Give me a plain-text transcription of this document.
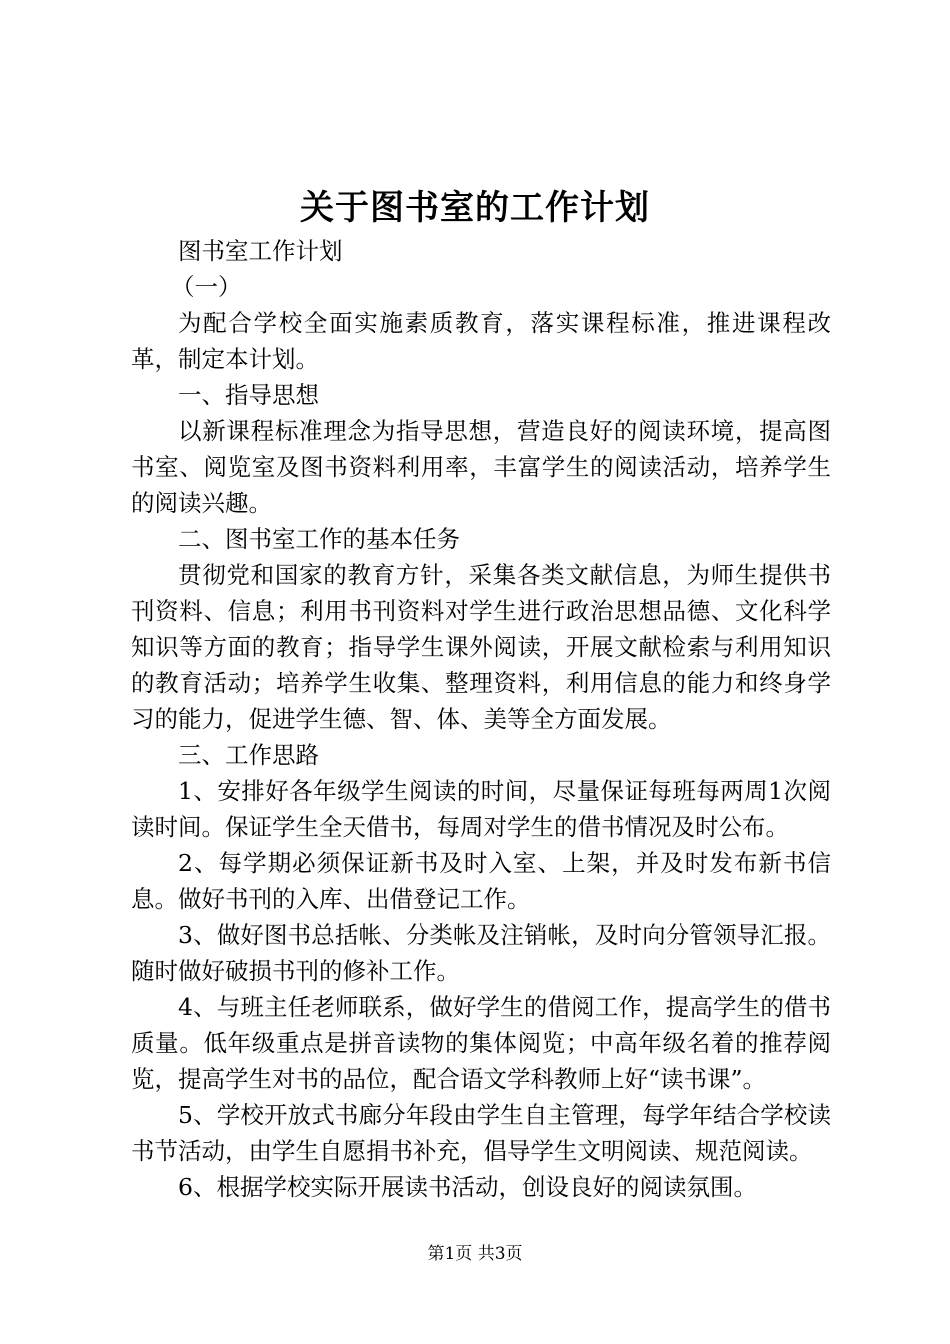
关于图书室的工作计划

图书室工作计划

（一）

为配合学校全面实施素质教育，落实课程标准，推进课程改革，制定本计划。

一、指导思想

以新课程标准理念为指导思想，营造良好的阅读环境，提高图书室、阅览室及图书资料利用率，丰富学生的阅读活动，培养学生的阅读兴趣。

二、图书室工作的基本任务

贯彻党和国家的教育方针，采集各类文献信息，为师生提供书刊资料、信息；利用书刊资料对学生进行政治思想品德、文化科学知识等方面的教育；指导学生课外阅读，开展文献检索与利用知识的教育活动；培养学生收集、整理资料，利用信息的能力和终身学习的能力，促进学生德、智、体、美等全方面发展。

三、工作思路

1、安排好各年级学生阅读的时间，尽量保证每班每两周1次阅读时间。保证学生全天借书，每周对学生的借书情况及时公布。

2、每学期必须保证新书及时入室、上架，并及时发布新书信息。做好书刊的入库、出借登记工作。

3、做好图书总括帐、分类帐及注销帐，及时向分管领导汇报。随时做好破损书刊的修补工作。

4、与班主任老师联系，做好学生的借阅工作，提高学生的借书质量。低年级重点是拼音读物的集体阅览；中高年级名着的推荐阅览，提高学生对书的品位，配合语文学科教师上好“读书课”。

5、学校开放式书廊分年段由学生自主管理，每学年结合学校读书节活动，由学生自愿捐书补充，倡导学生文明阅读、规范阅读。

6、根据学校实际开展读书活动，创设良好的阅读氛围。

第1页 共3页
